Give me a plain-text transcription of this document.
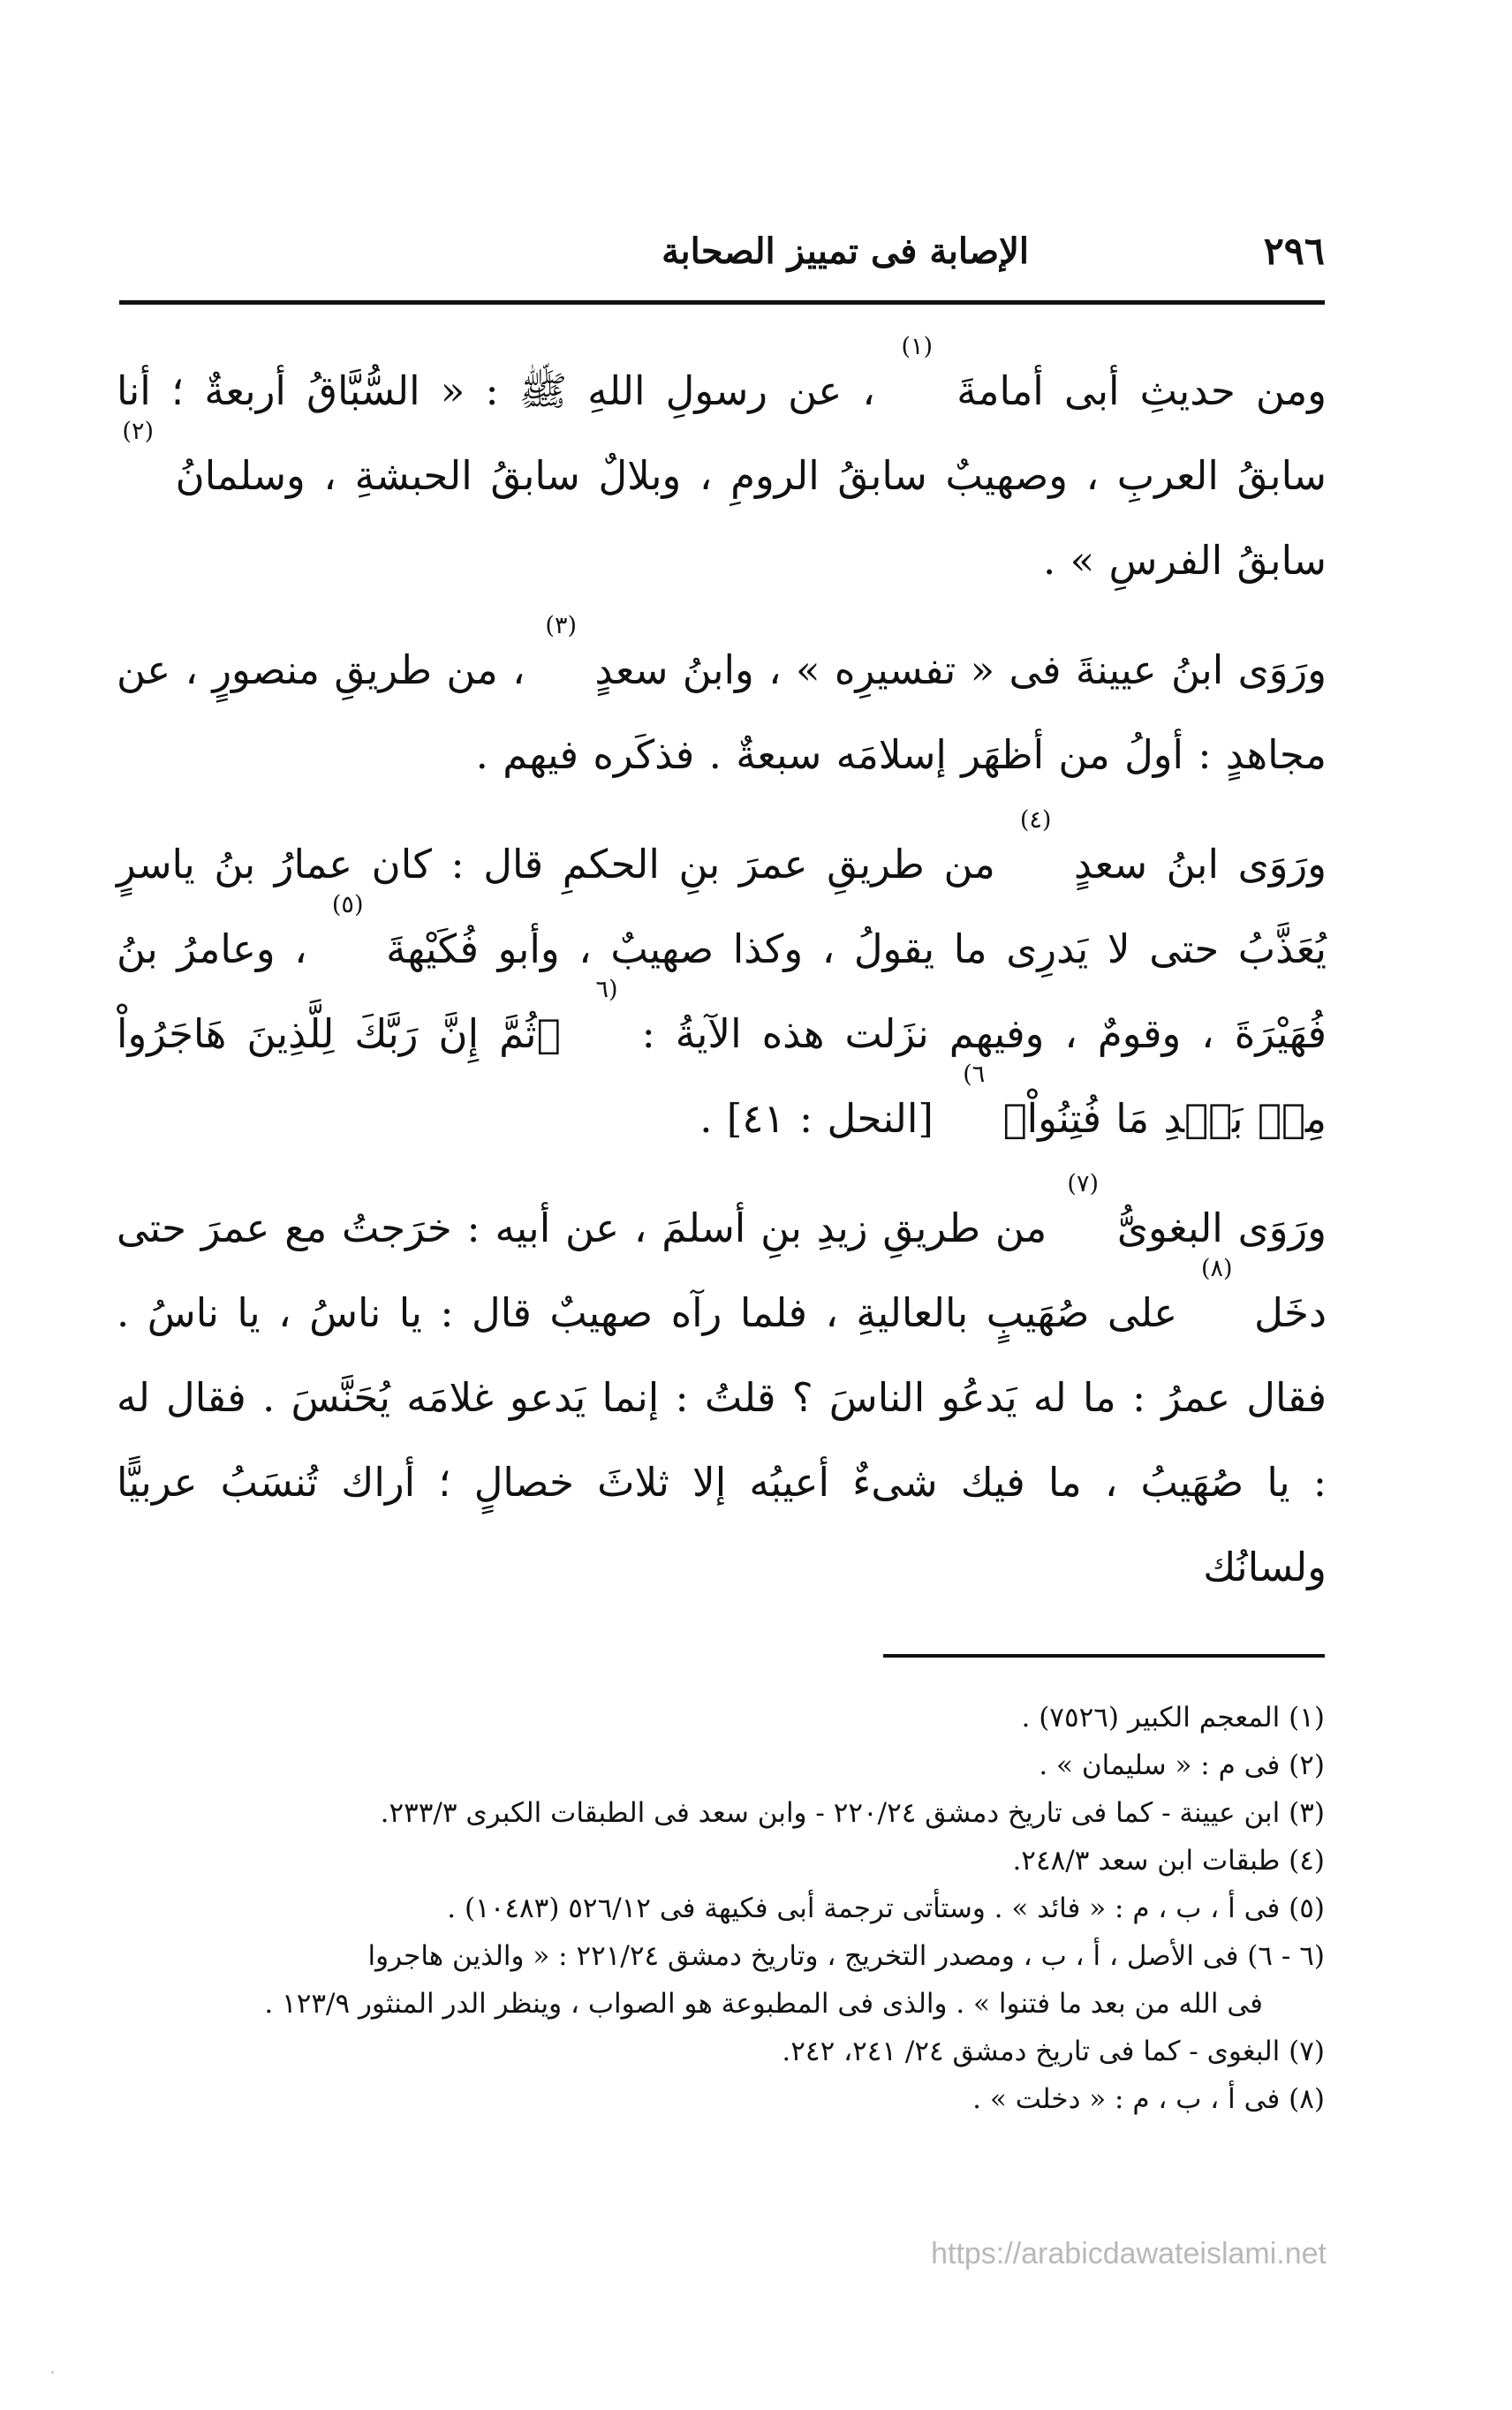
٢٩٦
الإصابة فى تمييز الصحابة

ومن حديثِ أبى أمامةَ
(١)
، عن رسولِ اللهِ ﷺ : « السُّبَّاقُ أربعةٌ ؛ أنا سابقُ العربِ ، وصهيبٌ سابقُ الرومِ ، وبلالٌ سابقُ الحبشةِ ، وسلمانُ
(٢)
سابقُ الفرسِ » .

ورَوَى ابنُ عيينةَ فى « تفسيرِه » ، وابنُ سعدٍ
(٣)
، من طريقِ منصورٍ ، عن مجاهدٍ : أولُ من أظهَر إسلامَه سبعةٌ . فذكَره فيهم .

ورَوَى ابنُ سعدٍ
(٤)
من طريقِ عمرَ بنِ الحكمِ قال : كان عمارُ بنُ ياسرٍ يُعَذَّبُ حتى لا يَدرِى ما يقولُ ، وكذا صهيبٌ ، وأبو فُكَيْهةَ
(٥)
، وعامرُ بنُ فُهَيْرَةَ ، وقومٌ ، وفيهم نزَلت هذه الآيةُ :
(٦
﴿ثُمَّ إِنَّ رَبَّكَ لِلَّذِينَ هَاجَرُواْ مِنۢ بَعۡدِ مَا فُتِنُواْ﴾
٦)
[النحل : ٤١] .

ورَوَى البغوىُّ
(٧)
من طريقِ زيدِ بنِ أسلمَ ، عن أبيه : خرَجتُ مع عمرَ حتى دخَل
(٨)
على صُهَيبٍ بالعاليةِ ، فلما رآه صهيبٌ قال : يا ناسُ ، يا ناسُ . فقال عمرُ : ما له يَدعُو الناسَ ؟ قلتُ : إنما يَدعو غلامَه يُحَنَّسَ . فقال له : يا صُهَيبُ ، ما فيك شىءٌ أعيبُه إلا ثلاثَ خصالٍ ؛ أراك تُنسَبُ عربيًّا ولسانُك

(١) المعجم الكبير (٧٥٢٦) .
(٢) فى م : « سليمان » .
(٣) ابن عيينة - كما فى تاريخ دمشق ٢٢٠/٢٤ - وابن سعد فى الطبقات الكبرى ٢٣٣/٣.
(٤) طبقات ابن سعد ٢٤٨/٣.
(٥) فى أ ، ب ، م : « فائد » . وستأتى ترجمة أبى فكيهة فى ٥٢٦/١٢ (١٠٤٨٣) .
(٦ - ٦) فى الأصل ، أ ، ب ، ومصدر التخريج ، وتاريخ دمشق ٢٢١/٢٤ : « والذين هاجروا
فى الله من بعد ما فتنوا » . والذى فى المطبوعة هو الصواب ، وينظر الدر المنثور ١٢٣/٩ .
(٧) البغوى - كما فى تاريخ دمشق ٢٤/ ٢٤١، ٢٤٢.
(٨) فى أ ، ب ، م : « دخلت » .
https://arabicdawateislami.net
